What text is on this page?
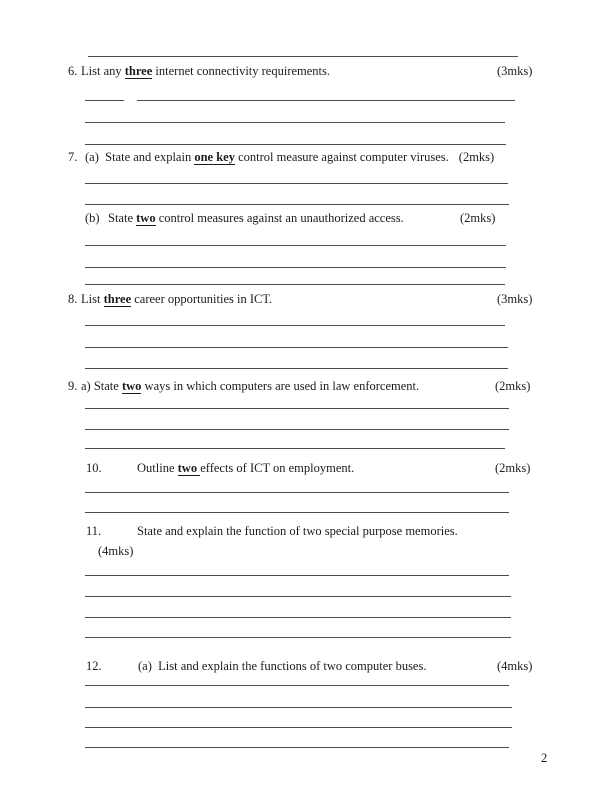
6. List any three internet connectivity requirements.	(3mks)
7. (a)  State and explain one key control measure against computer viruses. (2mks)
(b) State two control measures against an unauthorized access.	(2mks)
8. List three career opportunities in ICT.	(3mks)
9. a) State two ways in which computers are used in law enforcement.	(2mks)
10.	Outline two effects of ICT on employment.	(2mks)
11.	State and explain the function of two special purpose memories.
(4mks)
12.	(a)  List and explain the functions of two computer buses.	(4mks)
2
